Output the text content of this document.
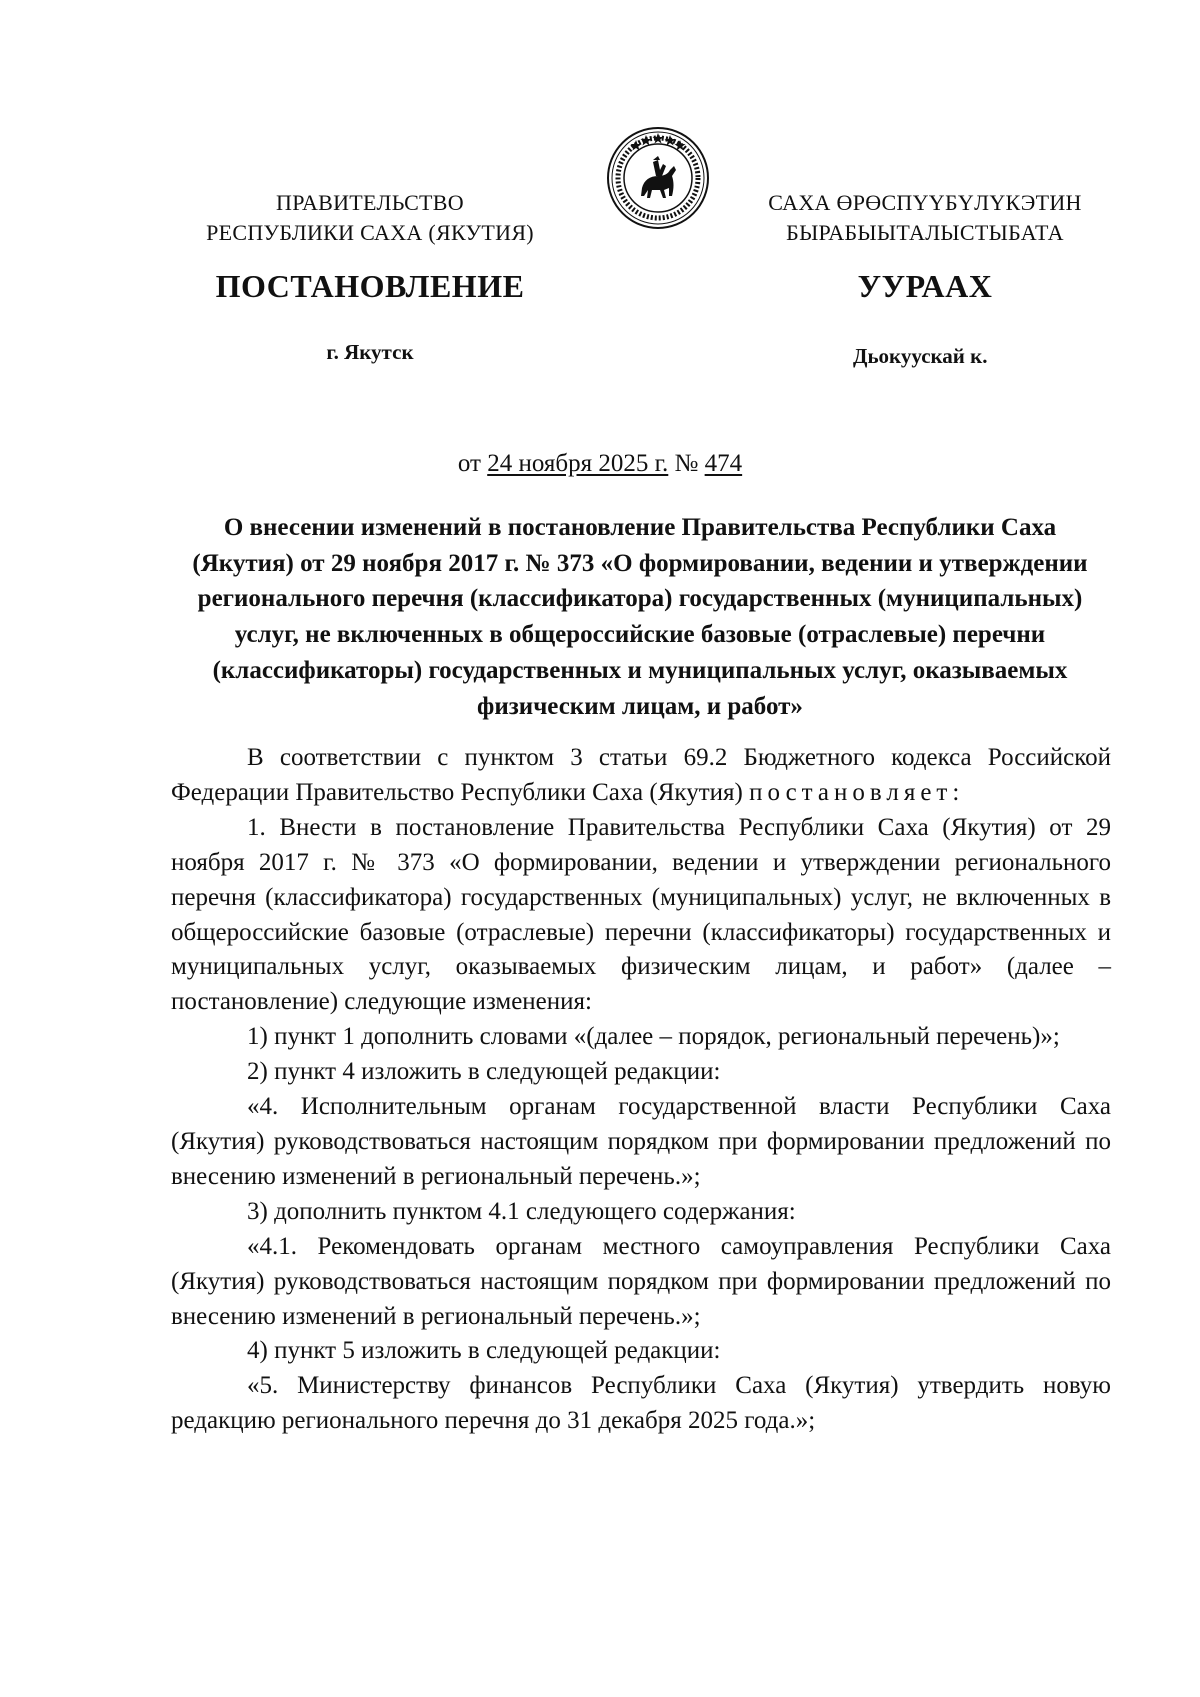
ПРАВИТЕЛЬСТВО
РЕСПУБЛИКИ САХА (ЯКУТИЯ)
САХА ӨРӨСПҮҮБҮЛҮКЭТИН
БЫРАБЫЫТАЛЫСТЫБАТА
ПОСТАНОВЛЕНИЕ	УУРААХ
г. Якутск	Дьокуускай к.
от 24 ноября 2025 г. № 474
О внесении изменений в постановление Правительства Республики Саха (Якутия) от 29 ноября 2017 г. № 373 «О формировании, ведении и утверждении регионального перечня (классификатора) государственных (муниципальных) услуг, не включенных в общероссийские базовые (отраслевые) перечни (классификаторы) государственных и муниципальных услуг, оказываемых физическим лицам, и работ»

В соответствии с пунктом 3 статьи 69.2 Бюджетного кодекса Российской Федерации Правительство Республики Саха (Якутия) постановляет:

1. Внести в постановление Правительства Республики Саха (Якутия) от 29 ноября 2017 г. № 373 «О формировании, ведении и утверждении регионального перечня (классификатора) государственных (муниципальных) услуг, не включенных в общероссийские базовые (отраслевые) перечни (классификаторы) государственных и муниципальных услуг, оказываемых физическим лицам, и работ» (далее – постановление) следующие изменения:

1) пункт 1 дополнить словами «(далее – порядок, региональный перечень)»;

2) пункт 4 изложить в следующей редакции:

«4. Исполнительным органам государственной власти Республики Саха (Якутия) руководствоваться настоящим порядком при формировании предложений по внесению изменений в региональный перечень.»;

3) дополнить пунктом 4.1 следующего содержания:

«4.1. Рекомендовать органам местного самоуправления Республики Саха (Якутия) руководствоваться настоящим порядком при формировании предложений по внесению изменений в региональный перечень.»;

4) пункт 5 изложить в следующей редакции:

«5. Министерству финансов Республики Саха (Якутия) утвердить новую редакцию регионального перечня до 31 декабря 2025 года.»;
